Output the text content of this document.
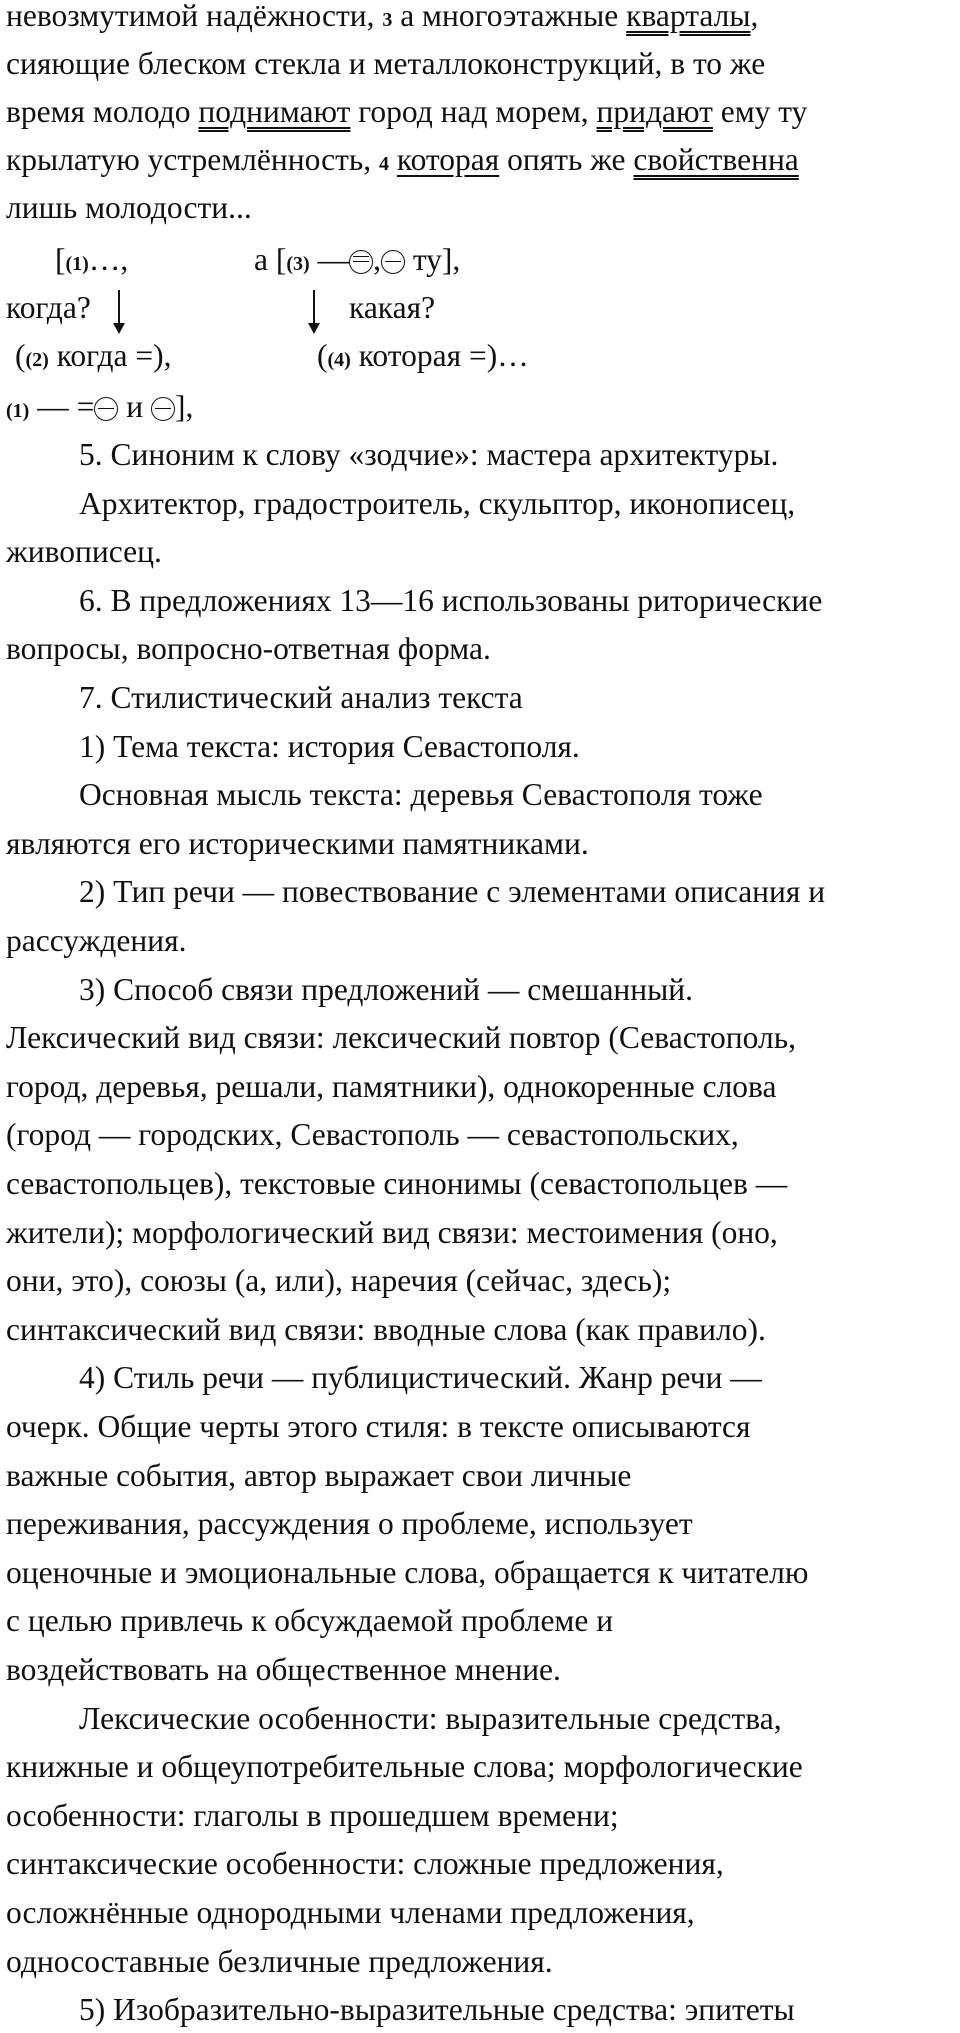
невозмутимой надёжности, 3 а многоэтажные кварталы,
сияющие блеском стекла и металлоконструкций, в то же
время молодо поднимают город над морем, придают ему ту
крылатую устремлённость, 4 которая опять же свойственна
лишь молодости...
[(1)…,	а [(3) — , ту],
когда?	какая?
((2) когда =),	((4) которая =)…
(1) — = и ],
5. Синоним к слову «зодчие»: мастера архитектуры.
Архитектор, градостроитель, скульптор, иконописец,
живописец.
6. В предложениях 13—16 использованы риторические
вопросы, вопросно-ответная форма.
7. Стилистический анализ текста
1) Тема текста: история Севастополя.
Основная мысль текста: деревья Севастополя тоже
являются его историческими памятниками.
2) Тип речи — повествование с элементами описания и
рассуждения.
3) Способ связи предложений — смешанный.
Лексический вид связи: лексический повтор (Севастополь,
город, деревья, решали, памятники), однокоренные слова
(город — городских, Севастополь — севастопольских,
севастопольцев), текстовые синонимы (севастопольцев —
жители); морфологический вид связи: местоимения (оно,
они, это), союзы (а, или), наречия (сейчас, здесь);
синтаксический вид связи: вводные слова (как правило).
4) Стиль речи — публицистический. Жанр речи —
очерк. Общие черты этого стиля: в тексте описываются
важные события, автор выражает свои личные
переживания, рассуждения о проблеме, использует
оценочные и эмоциональные слова, обращается к читателю
с целью привлечь к обсуждаемой проблеме и
воздействовать на общественное мнение.
Лексические особенности: выразительные средства,
книжные и общеупотребительные слова; морфологические
особенности: глаголы в прошедшем времени;
синтаксические особенности: сложные предложения,
осложнённые однородными членами предложения,
односоставные безличные предложения.
5) Изобразительно-выразительные средства: эпитеты
